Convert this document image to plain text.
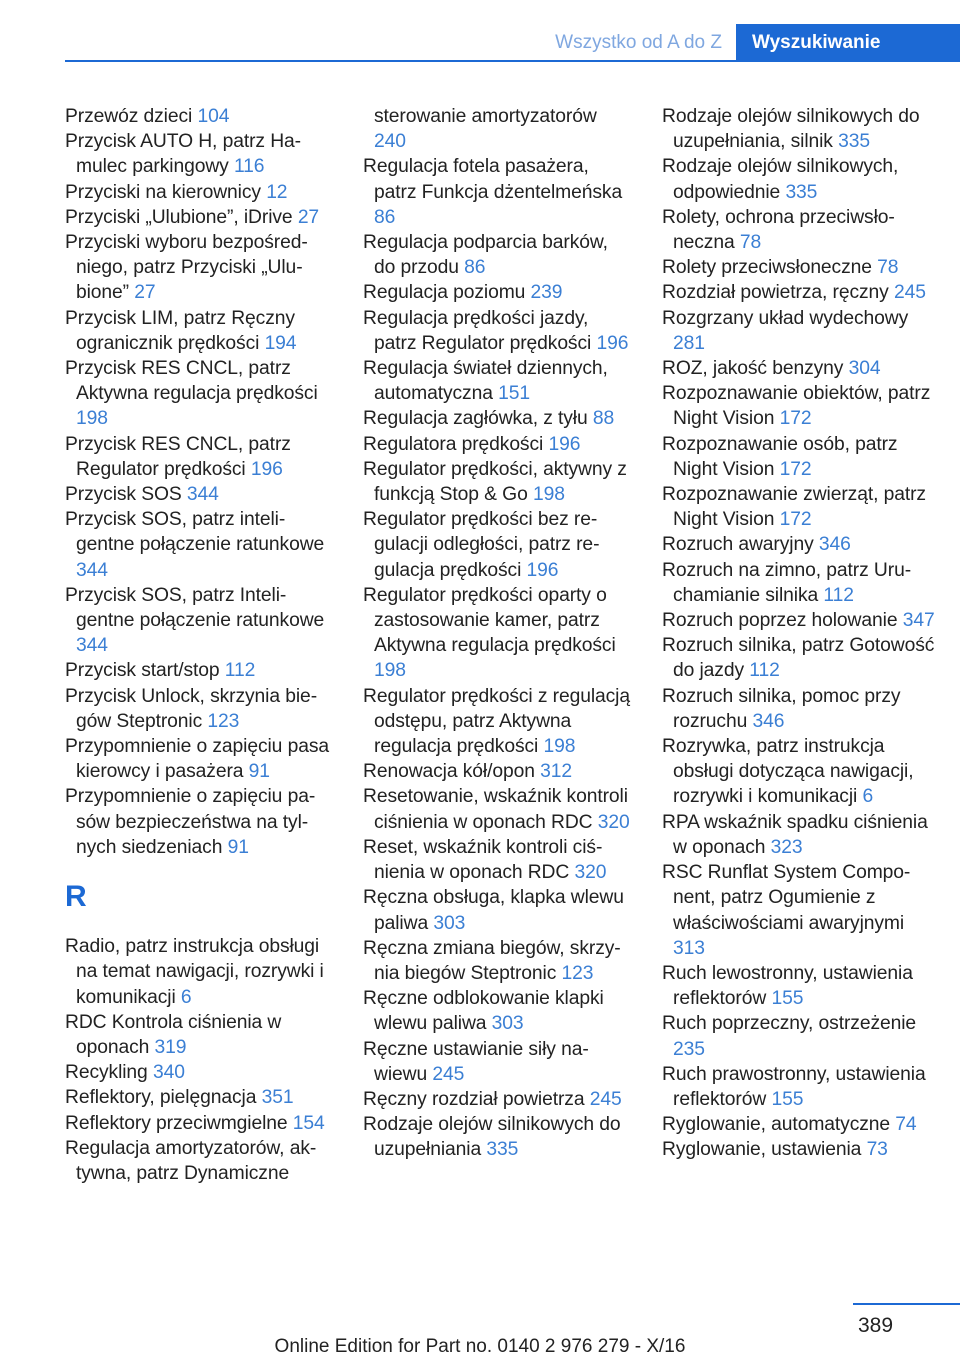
Wszystko od A do Z	Wyszukiwanie
Przewóz dzieci 104
Przycisk AUTO H, patrz Hamulec parkingowy 116
Przyciski na kierownicy 12
Przyciski „Ulubione”, iDrive 27
Przyciski wyboru bezpośredniego, patrz Przyciski „Ulubione” 27
Przycisk LIM, patrz Ręczny ogranicznik prędkości 194
Przycisk RES CNCL, patrz Aktywna regulacja prędkości 198
Przycisk RES CNCL, patrz Regulator prędkości 196
Przycisk SOS 344
Przycisk SOS, patrz inteligentne połączenie ratunkowe 344
Przycisk SOS, patrz Inteligentne połączenie ratunkowe 344
Przycisk start/stop 112
Przycisk Unlock, skrzynia biegów Steptronic 123
Przypomnienie o zapięciu pasa kierowcy i pasażera 91
Przypomnienie o zapięciu pasów bezpieczeństwa na tylnych siedzeniach 91
R
Radio, patrz instrukcja obsługi na temat nawigacji, rozrywki i komunikacji 6
RDC Kontrola ciśnienia w oponach 319
Recykling 340
Reflektory, pielęgnacja 351
Reflektory przeciwmgielne 154
Regulacja amortyzatorów, aktywna, patrz Dynamiczne
sterowanie amortyzatorów 240
Regulacja fotela pasażera, patrz Funkcja dżentelmeńska 86
Regulacja podparcia barków, do przodu 86
Regulacja poziomu 239
Regulacja prędkości jazdy, patrz Regulator prędkości 196
Regulacja świateł dziennych, automatyczna 151
Regulacja zagłówka, z tyłu 88
Regulatora prędkości 196
Regulator prędkości, aktywny z funkcją Stop & Go 198
Regulator prędkości bez regulacji odległości, patrz regulacja prędkości 196
Regulator prędkości oparty o zastosowanie kamer, patrz Aktywna regulacja prędkości 198
Regulator prędkości z regulacją odstępu, patrz Aktywna regulacja prędkości 198
Renowacja kół/opon 312
Resetowanie, wskaźnik kontroli ciśnienia w oponach RDC 320
Reset, wskaźnik kontroli ciśnienia w oponach RDC 320
Ręczna obsługa, klapka wlewu paliwa 303
Ręczna zmiana biegów, skrzynia biegów Steptronic 123
Ręczne odblokowanie klapki wlewu paliwa 303
Ręczne ustawianie siły nawiewu 245
Ręczny rozdział powietrza 245
Rodzaje olejów silnikowych do uzupełniania 335
Rodzaje olejów silnikowych do uzupełniania, silnik 335
Rodzaje olejów silnikowych, odpowiednie 335
Rolety, ochrona przeciwsłoneczna 78
Rolety przeciwsłoneczne 78
Rozdział powietrza, ręczny 245
Rozgrzany układ wydechowy 281
ROZ, jakość benzyny 304
Rozpoznawanie obiektów, patrz Night Vision 172
Rozpoznawanie osób, patrz Night Vision 172
Rozpoznawanie zwierząt, patrz Night Vision 172
Rozruch awaryjny 346
Rozruch na zimno, patrz Uruchamianie silnika 112
Rozruch poprzez holowanie 347
Rozruch silnika, patrz Gotowość do jazdy 112
Rozruch silnika, pomoc przy rozruchu 346
Rozrywka, patrz instrukcja obsługi dotycząca nawigacji, rozrywki i komunikacji 6
RPA wskaźnik spadku ciśnienia w oponach 323
RSC Runflat System Component, patrz Ogumienie z właściwościami awaryjnymi 313
Ruch lewostronny, ustawienia reflektorów 155
Ruch poprzeczny, ostrzeżenie 235
Ruch prawostronny, ustawienia reflektorów 155
Ryglowanie, automatyczne 74
Ryglowanie, ustawienia 73
389
Online Edition for Part no. 0140 2 976 279 - X/16
